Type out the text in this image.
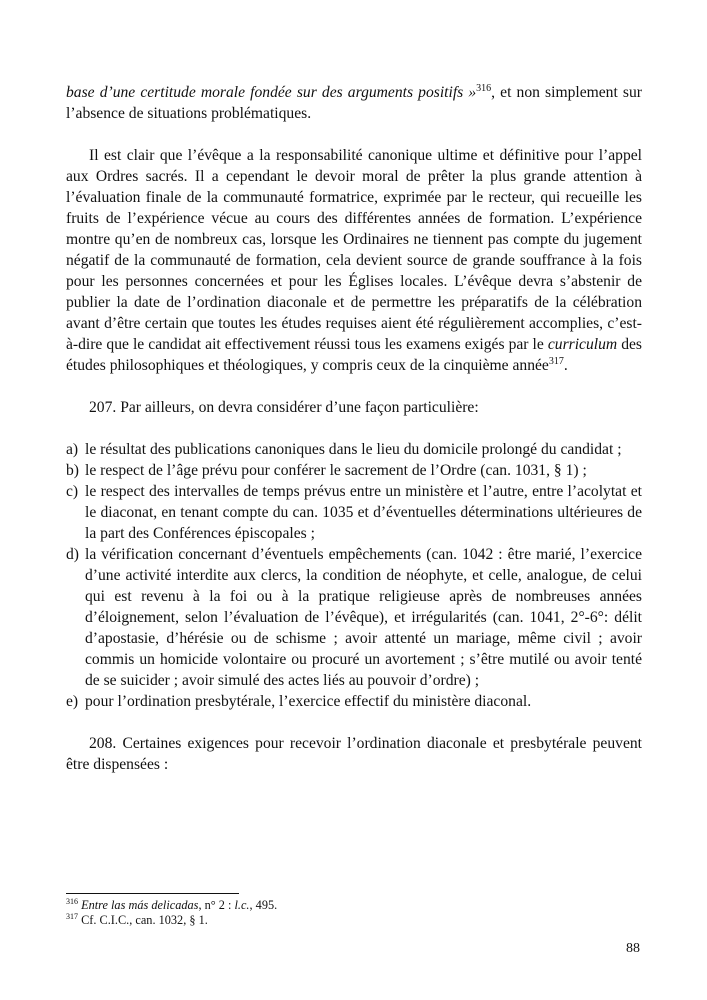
base d’une certitude morale fondée sur des arguments positifs »$^{316}$, et non simplement sur l’absence de situations problématiques.

Il est clair que l’évêque a la responsabilité canonique ultime et définitive pour l’appel aux Ordres sacrés. Il a cependant le devoir moral de prêter la plus grande attention à l’évaluation finale de la communauté formatrice, exprimée par le recteur, qui recueille les fruits de l’expérience vécue au cours des différentes années de formation. L’expérience montre qu’en de nombreux cas, lorsque les Ordinaires ne tiennent pas compte du jugement négatif de la communauté de formation, cela devient source de grande souffrance à la fois pour les personnes concernées et pour les Églises locales. L’évêque devra s’abstenir de publier la date de l’ordination diaconale et de permettre les préparatifs de la célébration avant d’être certain que toutes les études requises aient été régulièrement accomplies, c’est-à-dire que le candidat ait effectivement réussi tous les examens exigés par le curriculum des études philosophiques et théologiques, y compris ceux de la cinquième année$^{317}$.

207. Par ailleurs, on devra considérer d’une façon particulière:

a) le résultat des publications canoniques dans le lieu du domicile prolongé du candidat ;
b) le respect de l’âge prévu pour conférer le sacrement de l’Ordre (can. 1031, § 1) ;
c) le respect des intervalles de temps prévus entre un ministère et l’autre, entre l’acolytat et le diaconat, en tenant compte du can. 1035 et d’éventuelles déterminations ultérieures de la part des Conférences épiscopales ;
d) la vérification concernant d’éventuels empêchements (can. 1042 : être marié, l’exercice d’une activité interdite aux clercs, la condition de néophyte, et celle, analogue, de celui qui est revenu à la foi ou à la pratique religieuse après de nombreuses années d’éloignement, selon l’évaluation de l’évêque), et irrégularités (can. 1041, 2°-6°: délit d’apostasie, d’hérésie ou de schisme ; avoir attenté un mariage, même civil ; avoir commis un homicide volontaire ou procuré un avortement ; s’être mutilé ou avoir tenté de se suicider ; avoir simulé des actes liés au pouvoir d’ordre) ;
e) pour l’ordination presbytérale, l’exercice effectif du ministère diaconal.

208. Certaines exigences pour recevoir l’ordination diaconale et presbytérale peuvent être dispensées :

$^{316}$ Entre las más delicadas, n° 2 : l.c., 495.
$^{317}$ Cf. C.I.C., can. 1032, § 1.
88
